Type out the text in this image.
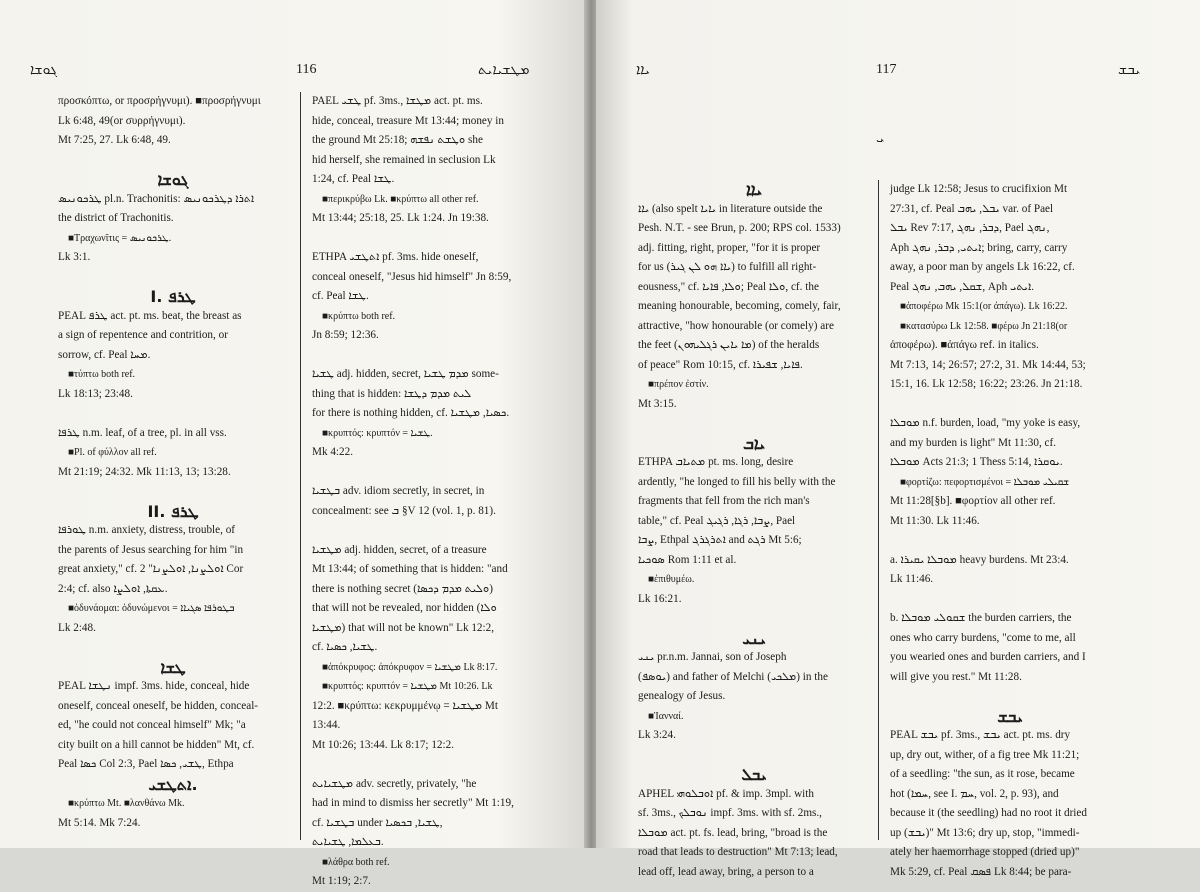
ܓܘܫܐ	116	ܡܛܫܝܐܝܬ

προσκόπτω, or προσρήγνυμι). ■προσρήγνυμι

Lk 6:48, 49(or συρρήγνυμι).

Mt 7:25, 27. Lk 6:48, 49.

ܓܘܫܐ

ܛܪܟܘܢܝܣ pl.n. Trachonitis: ܐܬܪܐ ܕܛܪܟܘܢܝܣ

the district of Trachonitis.

■Τραχωνῖτις = ܛܪܟܘܢܝܣ.

Lk 3:1.

I. ܛܪܦ

PEAL ܛܪܦ act. pt. ms. beat, the breast as

a sign of repentence and contrition, or

sorrow, cf. Peal ܡܚܐ.

■τύπτω both ref.

Lk 18:13; 23:48.

ܛܪܦܐ n.m. leaf, of a tree, pl. in all vss.

■Pl. of φύλλον all ref.

Mt 21:19; 24:32. Mk 11:13, 13; 13:28.

II. ܛܪܦ

ܛܘܪܦܐ n.m. anxiety, distress, trouble, of

the parents of Jesus searching for him "in

great anxiety," cf. ܐܘܠܨܢܐ, ܐܘܠܨܢܐ" 2 Cor

2:4; cf. also ܥܩܬܐ, ܐܘܠܨܐ.

■ὀδυνάομαι: ὀδυνώμενοι = ܒܛܘܪܦܐ ܣܓܝܐܐ

Lk 2:48.

ܛܫܐ

PEAL ܢܛܫܐ impf. 3ms. hide, conceal, hide

oneself, conceal oneself, be hidden, conceal-

ed, "he could not conceal himself" Mk; "a

city built on a hill cannot be hidden" Mt, cf.

Peal ܟܣܐ Col 2:3, Pael ܛܫܝ, ܟܣܐ, Ethpa

ܐܬܛܫܝ.

■κρύπτω Mt. ■λανθάνω Mk.

Mt 5:14. Mk 7:24.

PAEL ܛܫܝ pf. 3ms., ܡܛܫܐ act. pt. ms.

hide, conceal, treasure Mt 13:44; money in

the ground Mt 25:18; ܘܛܫܬ ܢܦܫܗ she

hid herself, she remained in seclusion Lk

1:24, cf. Peal ܛܫܐ.

■περικρύβω Lk. ■κρύπτω all other ref.

Mt 13:44; 25:18, 25. Lk 1:24. Jn 19:38.

ETHPA ܐܬܛܫܝ pf. 3ms. hide oneself,

conceal oneself, "Jesus hid himself" Jn 8:59,

cf. Peal ܛܫܐ.

■κρύπτω both ref.

Jn 8:59; 12:36.

ܛܫܝܐ adj. hidden, secret, ܡܕܡ ܛܫܝܐ some-

thing that is hidden: ܠܝܬ ܡܕܡ ܕܛܫܐ

for there is nothing hidden, cf. ܟܣܝܐ, ܡܛܫܝܐ.

■κρυπτός: κρυπτόν = ܛܫܝܐ.

Mk 4:22.

ܒܛܫܝܐ adv. idiom secretly, in secret, in

concealment: see ܒ §V 12 (vol. 1, p. 81).

ܡܛܫܝܐ adj. hidden, secret, of a treasure

Mt 13:44; of something that is hidden: "and

there is nothing secret (ܘܠܝܬ ܡܕܡ ܕܟܣܐ)

that will not be revealed, nor hidden (ܘܠܐ

ܡܛܫܝܐ) that will not be known" Lk 12:2,

cf. ܛܫܝܐ, ܟܣܝܐ.

■ἀπόκρυφος: ἀπόκρυφον = ܡܛܫܝܐ Lk 8:17.

■κρυπτός: κρυπτόν = ܡܛܫܝܐ Mt 10:26. Lk

12:2. ■κρύπτω: κεκρυμμένῳ = ܡܛܫܝܐ Mt

13:44.

Mt 10:26; 13:44. Lk 8:17; 12:2.

ܡܛܫܝܐܝܬ adv. secretly, privately, "he

had in mind to dismiss her secretly" Mt 1:19,

cf. ܒܛܫܝܐ under ܛܫܝܐ, ܒܟܣܝܐ,

ܒܥܠܡܐ, ܛܫܝܐܝܬ.

■λάθρα both ref.

Mt 1:19; 2:7.

ܝܐܐ	117	ܝܒܫ
ܝ

ܝܐܐ

ܝܐܐ (also spelt ܝܐܝܐ in literature outside the

Pesh. N.T. - see Brun, p. 200; RPS col. 1533)

adj. fitting, right, proper, "for it is proper

for us (ܝܐܐ ܗܘ ܠܢ ܓܝܪ) to fulfill all right-

eousness," cf. ܘܠܐ, ܦܐܝܐ; Peal ܘܠܐ, cf. the

meaning honourable, becoming, comely, fair,

attractive, "how honourable (or comely) are

the feet (ܡܐ ܝܐܝܢ ܪܓܠܝܗܘܢ) of the heralds

of peace" Rom 10:15, cf. ܦܐܝܐ, ܫܦܝܪܐ.

■πρέπον ἐστίν.

Mt 3:15.

ܝܐܒ

ETHPA ܡܬܝܐܒ pt. ms. long, desire

ardently, "he longed to fill his belly with the

fragments that fell from the rich man's

table," cf. Peal ܨܒܐ, ܪܓܐ, ܪܓܝܓ, Pael

ܨܒܐ, Ethpal ܐܬܪܓܪܓ and ܪܓܬ Mt 5:6;

ܣܘܟܝܐ Rom 1:11 et al.

■ἐπιθυμέω.

Lk 16:21.

ܝܢܝ

ܝܢܝ pr.n.m. Jannai, son of Joseph

(ܝܘܣܦ) and father of Melchi (ܡܠܟܝ) in the

genealogy of Jesus.

■Ἰανναί.

Lk 3:24.

ܝܒܠ

APHEL ܐܘܒܠܘܗܝ pf. & imp. 3mpl. with

sf. 3ms., ܢܘܒܠܟ impf. 3ms. with sf. 2ms.,

ܡܘܒܠܐ act. pt. fs. lead, bring, "broad is the

road that leads to destruction" Mt 7:13; lead,

lead off, lead away, bring, a person to a

judge Lk 12:58; Jesus to crucifixion Mt

27:31, cf. Peal ܝܒܠ, ܝܗܒ var. of Pael

ܝܒܠ Rev 7:17, ܕܒܪ, ܢܗܓ, Pael ܢܗܓ,

Aph ܐܝܬܝ, ܕܒܪ, ܢܗܓ; bring, carry, carry

away, a poor man by angels Lk 16:22, cf.

Peal ܫܩܠ, ܝܗܒ, ܢܗܓ, Aph ܐܝܬܝ.

■ἀποφέρω Mk 15:1(or ἀπάγω). Lk 16:22.

■κατασύρω Lk 12:58. ■φέρω Jn 21:18(or

ἀποφέρω). ■ἀπάγω ref. in italics.

Mt 7:13, 14; 26:57; 27:2, 31. Mk 14:44, 53;

15:1, 16. Lk 12:58; 16:22; 23:26. Jn 21:18.

ܡܘܒܠܐ n.f. burden, load, "my yoke is easy,

and my burden is light" Mt 11:30, cf.

ܡܘܒܠܐ Acts 21:3; 1 Thess 5:14, ܝܘܩܪܐ.

■φορτίζω: πεφορτισμένοι = ܫܩܝܠܝ ܡܘܒܠܐ

Mt 11:28[§b]. ■φορτίον all other ref.

Mt 11:30. Lk 11:46.

a. ܡܘܒܠܐ ܝܩܝܪܐ heavy burdens. Mt 23:4.

Lk 11:46.

b. ܫܩܘܠܝ ܡܘܒܠܐ the burden carriers, the

ones who carry burdens, "come to me, all

you wearied ones and burden carriers, and I

will give you rest." Mt 11:28.

ܝܒܫ

PEAL ܝܒܫ pf. 3ms., ܝܒܫ act. pt. ms. dry

up, dry out, wither, of a fig tree Mk 11:21;

of a seedling: "the sun, as it rose, became

hot (ܚܡܐ, see I. ܚܡ, vol. 2, p. 93), and

because it (the seedling) had no root it dried

up (ܝܒܫ)" Mt 13:6; dry up, stop, "immedi-

ately her haemorrhage stopped (dried up)"

Mk 5:29, cf. Peal ܦܣܩ Lk 8:44; be para-
